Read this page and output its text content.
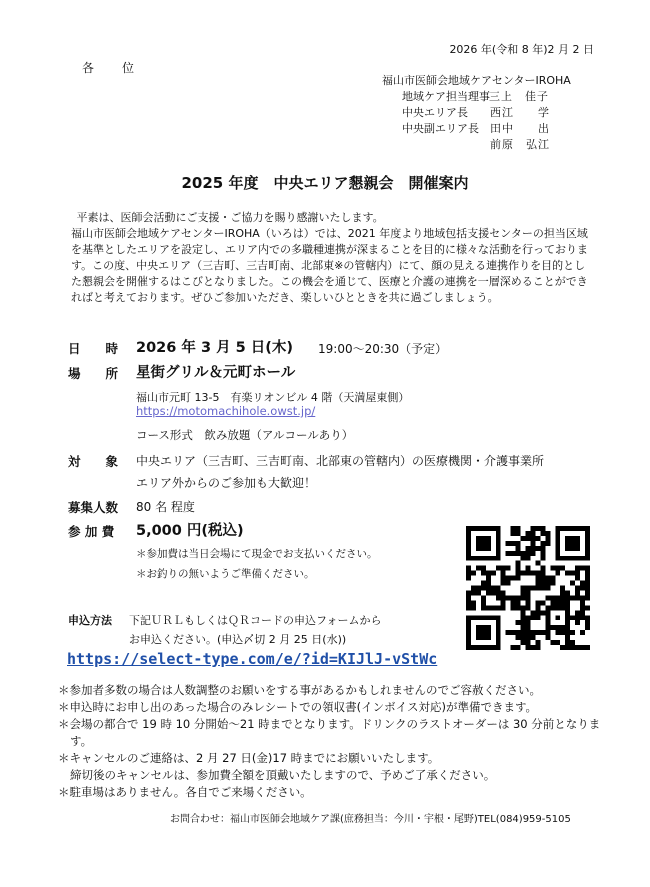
2026 年(令和 8 年)2 月 2 日
各　位
福山市医師会地域ケアセンターIROHA
地域ケア担当理事 三上　佳子
中央エリア長	西江　　学
中央副エリア長	田中　　出
前原　弘江
2025 年度　中央エリア懇親会　開催案内

平素は、医師会活動にご支援・ご協力を賜り感謝いたします。

福山市医師会地域ケアセンターIROHA（いろは）では、2021 年度より地域包括支援センターの担当区域を基準としたエリアを設定し、エリア内での多職種連携が深まることを目的に様々な活動を行っております。この度、中央エリア（三吉町、三吉町南、北部東※の管轄内）にて、顔の見える連携作りを目的とした懇親会を開催するはこびとなりました。この機会を通じて、医療と介護の連携を一層深めることができればと考えております。ぜひご参加いただき、楽しいひとときを共に過ごしましょう。

日　　時 2026 年 3 月 5 日(木) 19:00～20:30（予定）
場　　所 星街グリル＆元町ホール
福山市元町 13-5　有楽リオンビル 4 階（天満屋東側）
https://motomachihole.owst.jp/
コース形式　飲み放題（アルコールあり）
対　　象 中央エリア（三吉町、三吉町南、北部東の管轄内）の医療機関・介護事業所
エリア外からのご参加も大歓迎！
募集人数 80 名 程度
参 加 費 5,000 円(税込)
＊参加費は当日会場にて現金でお支払いください。
＊お釣りの無いようご準備ください。
申込方法 下記ＵＲＬもしくはＱＲコードの申込フォームから
お申込ください。(申込〆切 2 月 25 日(水))
https://select-type.com/e/?id=KIJlJ-vStWc

＊参加者多数の場合は人数調整のお願いをする事があるかもしれませんのでご容赦ください。

＊申込時にお申し出のあった場合のみレシートでの領収書(インボイス対応)が準備できます。

＊会場の都合で 19 時 10 分開始～21 時までとなります。ドリンクのラストオーダーは 30 分前となります。

＊キャンセルのご連絡は、2 月 27 日(金)17 時までにお願いいたします。

締切後のキャンセルは、参加費全額を頂戴いたしますので、予めご了承ください。

＊駐車場はありません。各自でご来場ください。

お問合わせ：福山市医師会地域ケア課(庶務担当：今川・宇根・尾野)TEL(084)959-5105
